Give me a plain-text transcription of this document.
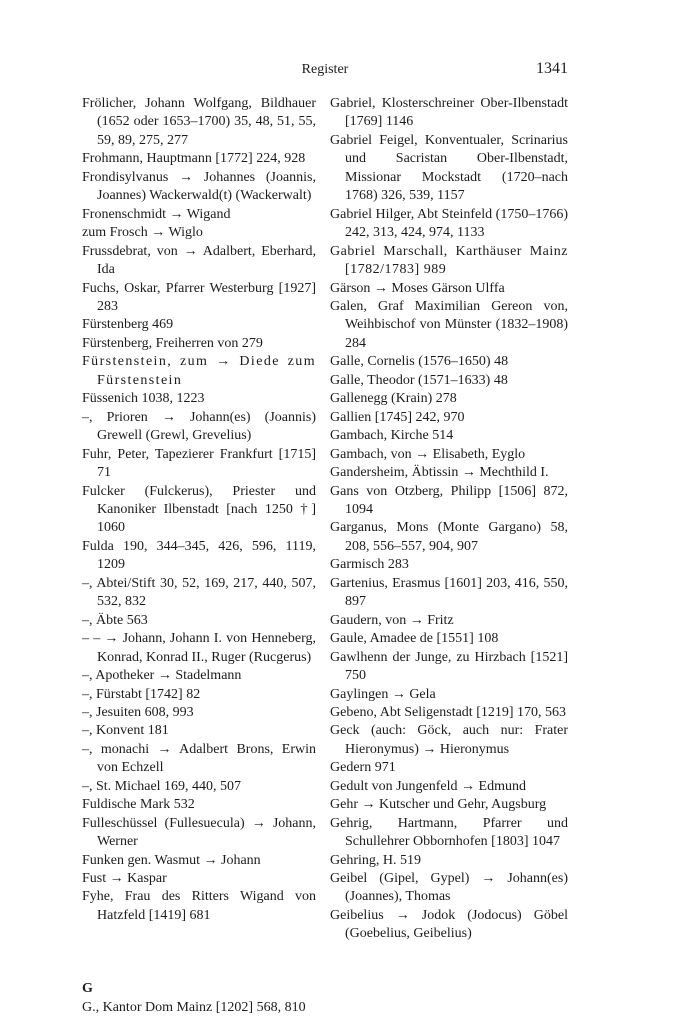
Register	1341
Frölicher, Johann Wolfgang, Bildhauer (1652 oder 1653–1700) 35, 48, 51, 55, 59, 89, 275, 277
Frohmann, Hauptmann [1772] 224, 928
Frondisylvanus → Johannes (Joannis, Joannes) Wackerwald(t) (Wackerwalt)
Fronenschmidt → Wigand
zum Frosch → Wiglo
Frussdebrat, von → Adalbert, Eberhard, Ida
Fuchs, Oskar, Pfarrer Westerburg [1927] 283
Fürstenberg 469
Fürstenberg, Freiherren von 279
Fürstenstein, zum → Diede zum Fürstenstein
Füssenich 1038, 1223
–, Prioren → Johann(es) (Joannis) Grewell (Grewl, Grevelius)
Fuhr, Peter, Tapezierer Frankfurt [1715] 71
Fulcker (Fulckerus), Priester und Kanoniker Ilbenstadt [nach 1250 †] 1060
Fulda 190, 344–345, 426, 596, 1119, 1209
–, Abtei/Stift 30, 52, 169, 217, 440, 507, 532, 832
–, Äbte 563
– – → Johann, Johann I. von Henneberg, Konrad, Konrad II., Ruger (Rucgerus)
–, Apotheker → Stadelmann
–, Fürstabt [1742] 82
–, Jesuiten 608, 993
–, Konvent 181
–, monachi → Adalbert Brons, Erwin von Echzell
–, St. Michael 169, 440, 507
Fuldische Mark 532
Fulleschüssel (Fullesuecula) → Johann, Werner
Funken gen. Wasmut → Johann
Fust → Kaspar
Fyhe, Frau des Ritters Wigand von Hatzfeld [1419] 681
G
G., Kantor Dom Mainz [1202] 568, 810
Gabriel, Klosterschreiner Ober-Ilbenstadt [1769] 1146
Gabriel Feigel, Konventualer, Scrinarius und Sacristan Ober-Ilbenstadt, Missionar Mockstadt (1720–nach 1768) 326, 539, 1157
Gabriel Hilger, Abt Steinfeld (1750–1766) 242, 313, 424, 974, 1133
Gabriel Marschall, Karthäuser Mainz [1782/1783] 989
Gärson → Moses Gärson Ulffa
Galen, Graf Maximilian Gereon von, Weihbischof von Münster (1832–1908) 284
Galle, Cornelis (1576–1650) 48
Galle, Theodor (1571–1633) 48
Gallenegg (Krain) 278
Gallien [1745] 242, 970
Gambach, Kirche 514
Gambach, von → Elisabeth, Eyglo
Gandersheim, Äbtissin → Mechthild I.
Gans von Otzberg, Philipp [1506] 872, 1094
Garganus, Mons (Monte Gargano) 58, 208, 556–557, 904, 907
Garmisch 283
Gartenius, Erasmus [1601] 203, 416, 550, 897
Gaudern, von → Fritz
Gaule, Amadee de [1551] 108
Gawlhenn der Junge, zu Hirzbach [1521] 750
Gaylingen → Gela
Gebeno, Abt Seligenstadt [1219] 170, 563
Geck (auch: Göck, auch nur: Frater Hieronymus) → Hieronymus
Gedern 971
Gedult von Jungenfeld → Edmund
Gehr → Kutscher und Gehr, Augsburg
Gehrig, Hartmann, Pfarrer und Schullehrer Obbornhofen [1803] 1047
Gehring, H. 519
Geibel (Gipel, Gypel) → Johann(es) (Joannes), Thomas
Geibelius → Jodok (Jodocus) Göbel (Goebelius, Geibelius)
